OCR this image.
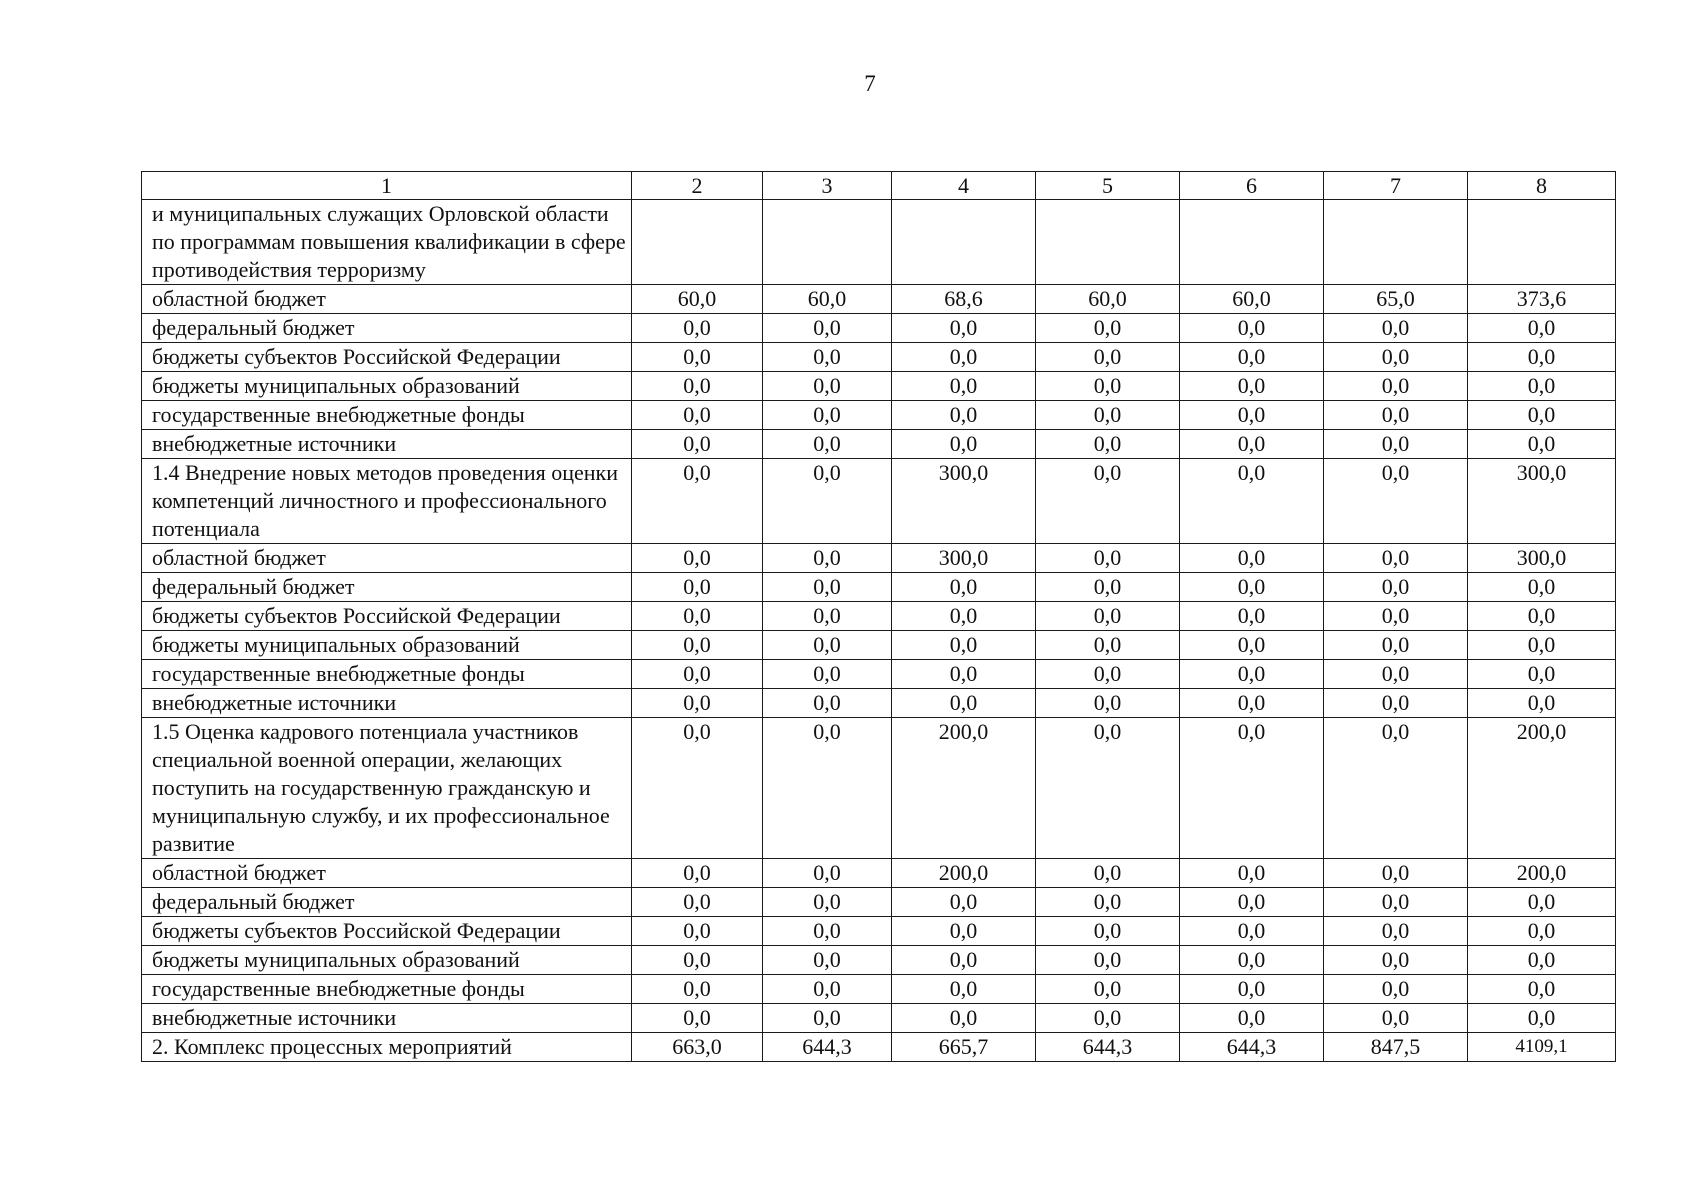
7
1	2	3	4	5	6	7	8
и муниципальных служащих Орловской области по программам повышения квалификации в сфере противодействия терроризму							
областной бюджет	60,0	60,0	68,6	60,0	60,0	65,0	373,6
федеральный бюджет	0,0	0,0	0,0	0,0	0,0	0,0	0,0
бюджеты субъектов Российской Федерации	0,0	0,0	0,0	0,0	0,0	0,0	0,0
бюджеты муниципальных образований	0,0	0,0	0,0	0,0	0,0	0,0	0,0
государственные внебюджетные фонды	0,0	0,0	0,0	0,0	0,0	0,0	0,0
внебюджетные источники	0,0	0,0	0,0	0,0	0,0	0,0	0,0
1.4 Внедрение новых методов проведения оценки компетенций личностного и профессионального потенциала	0,0	0,0	300,0	0,0	0,0	0,0	300,0
областной бюджет	0,0	0,0	300,0	0,0	0,0	0,0	300,0
федеральный бюджет	0,0	0,0	0,0	0,0	0,0	0,0	0,0
бюджеты субъектов Российской Федерации	0,0	0,0	0,0	0,0	0,0	0,0	0,0
бюджеты муниципальных образований	0,0	0,0	0,0	0,0	0,0	0,0	0,0
государственные внебюджетные фонды	0,0	0,0	0,0	0,0	0,0	0,0	0,0
внебюджетные источники	0,0	0,0	0,0	0,0	0,0	0,0	0,0
1.5 Оценка кадрового потенциала участников специальной военной операции, желающих поступить на государственную гражданскую и муниципальную службу, и их профессиональное развитие	0,0	0,0	200,0	0,0	0,0	0,0	200,0
областной бюджет	0,0	0,0	200,0	0,0	0,0	0,0	200,0
федеральный бюджет	0,0	0,0	0,0	0,0	0,0	0,0	0,0
бюджеты субъектов Российской Федерации	0,0	0,0	0,0	0,0	0,0	0,0	0,0
бюджеты муниципальных образований	0,0	0,0	0,0	0,0	0,0	0,0	0,0
государственные внебюджетные фонды	0,0	0,0	0,0	0,0	0,0	0,0	0,0
внебюджетные источники	0,0	0,0	0,0	0,0	0,0	0,0	0,0
2. Комплекс процессных мероприятий	663,0	644,3	665,7	644,3	644,3	847,5	4109,1
